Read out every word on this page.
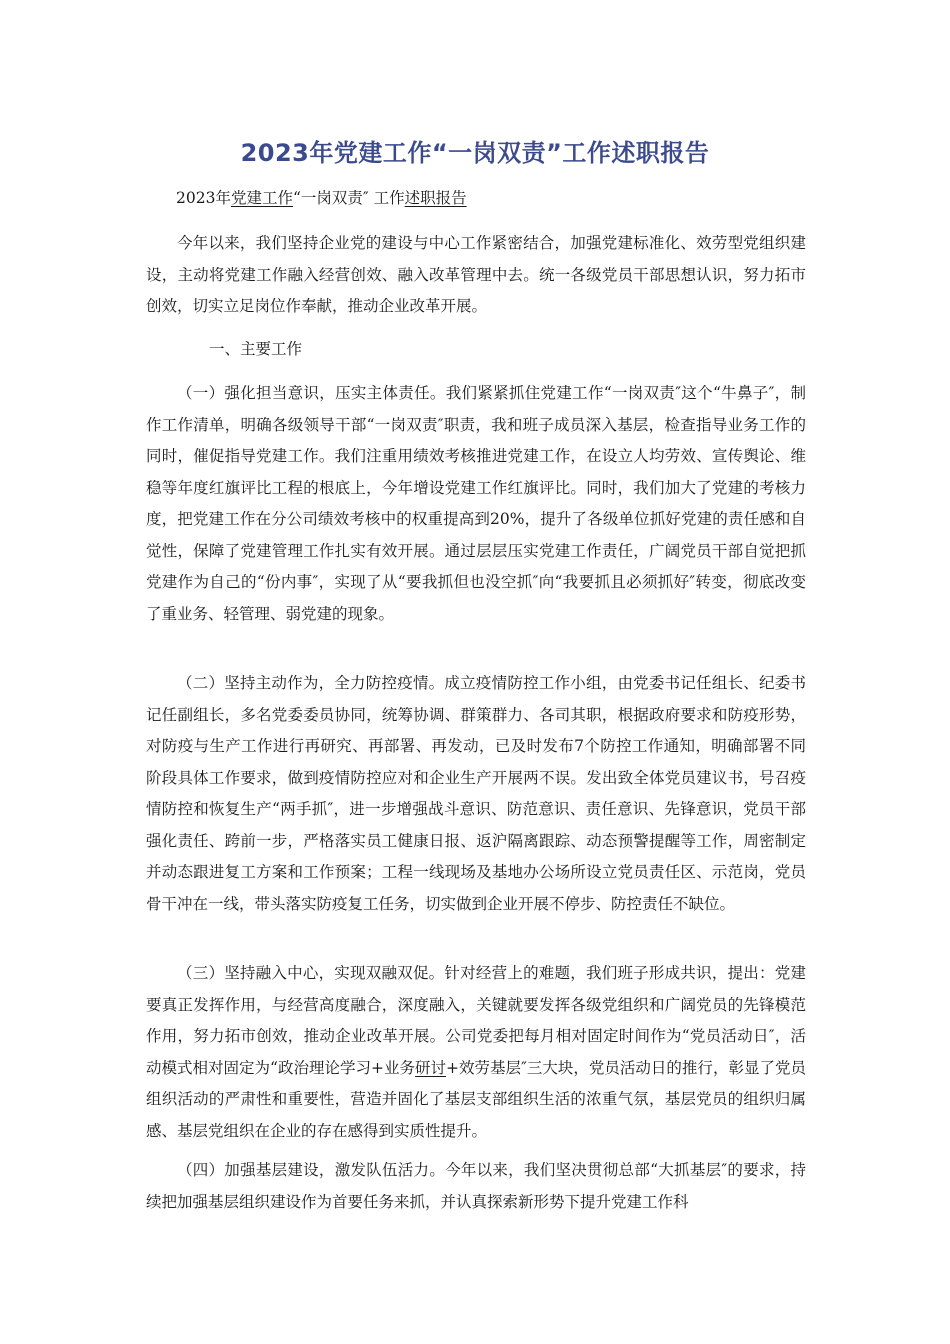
2023年党建工作“一岗双责”工作述职报告
2023年党建工作“一岗双责″ 工作述职报告

今年以来，我们坚持企业党的建设与中心工作紧密结合，加强党建标准化、效劳型党组织建设，主动将党建工作融入经营创效、融入改革管理中去。统一各级党员干部思想认识，努力拓市创效，切实立足岗位作奉献，推动企业改革开展。

一、主要工作

（一）强化担当意识，压实主体责任。我们紧紧抓住党建工作“一岗双责″这个“牛鼻子″，制作工作清单，明确各级领导干部“一岗双责″职责，我和班子成员深入基层，检查指导业务工作的同时，催促指导党建工作。我们注重用绩效考核推进党建工作，在设立人均劳效、宣传舆论、维稳等年度红旗评比工程的根底上，今年增设党建工作红旗评比。同时，我们加大了党建的考核力度，把党建工作在分公司绩效考核中的权重提高到20%，提升了各级单位抓好党建的责任感和自觉性，保障了党建管理工作扎实有效开展。通过层层压实党建工作责任，广阔党员干部自觉把抓党建作为自己的“份内事″，实现了从“要我抓但也没空抓″向“我要抓且必须抓好″转变，彻底改变了重业务、轻管理、弱党建的现象。

（二）坚持主动作为，全力防控疫情。成立疫情防控工作小组，由党委书记任组长、纪委书记任副组长，多名党委委员协同，统筹协调、群策群力、各司其职，根据政府要求和防疫形势，对防疫与生产工作进行再研究、再部署、再发动，已及时发布7个防控工作通知，明确部署不同阶段具体工作要求，做到疫情防控应对和企业生产开展两不误。发出致全体党员建议书，号召疫情防控和恢复生产“两手抓″，进一步增强战斗意识、防范意识、责任意识、先锋意识，党员干部强化责任、跨前一步，严格落实员工健康日报、返沪隔离跟踪、动态预警提醒等工作，周密制定并动态跟进复工方案和工作预案；工程一线现场及基地办公场所设立党员责任区、示范岗，党员骨干冲在一线，带头落实防疫复工任务，切实做到企业开展不停步、防控责任不缺位。

（三）坚持融入中心，实现双融双促。针对经营上的难题，我们班子形成共识，提出：党建要真正发挥作用，与经营高度融合，深度融入，关键就要发挥各级党组织和广阔党员的先锋模范作用，努力拓市创效，推动企业改革开展。公司党委把每月相对固定时间作为“党员活动日″，活动模式相对固定为“政治理论学习+业务研讨+效劳基层″三大块，党员活动日的推行，彰显了党员组织活动的严肃性和重要性，营造并固化了基层支部组织生活的浓重气氛，基层党员的组织归属感、基层党组织在企业的存在感得到实质性提升。

（四）加强基层建设，激发队伍活力。今年以来，我们坚决贯彻总部“大抓基层″的要求，持续把加强基层组织建设作为首要任务来抓，并认真探索新形势下提升党建工作科
